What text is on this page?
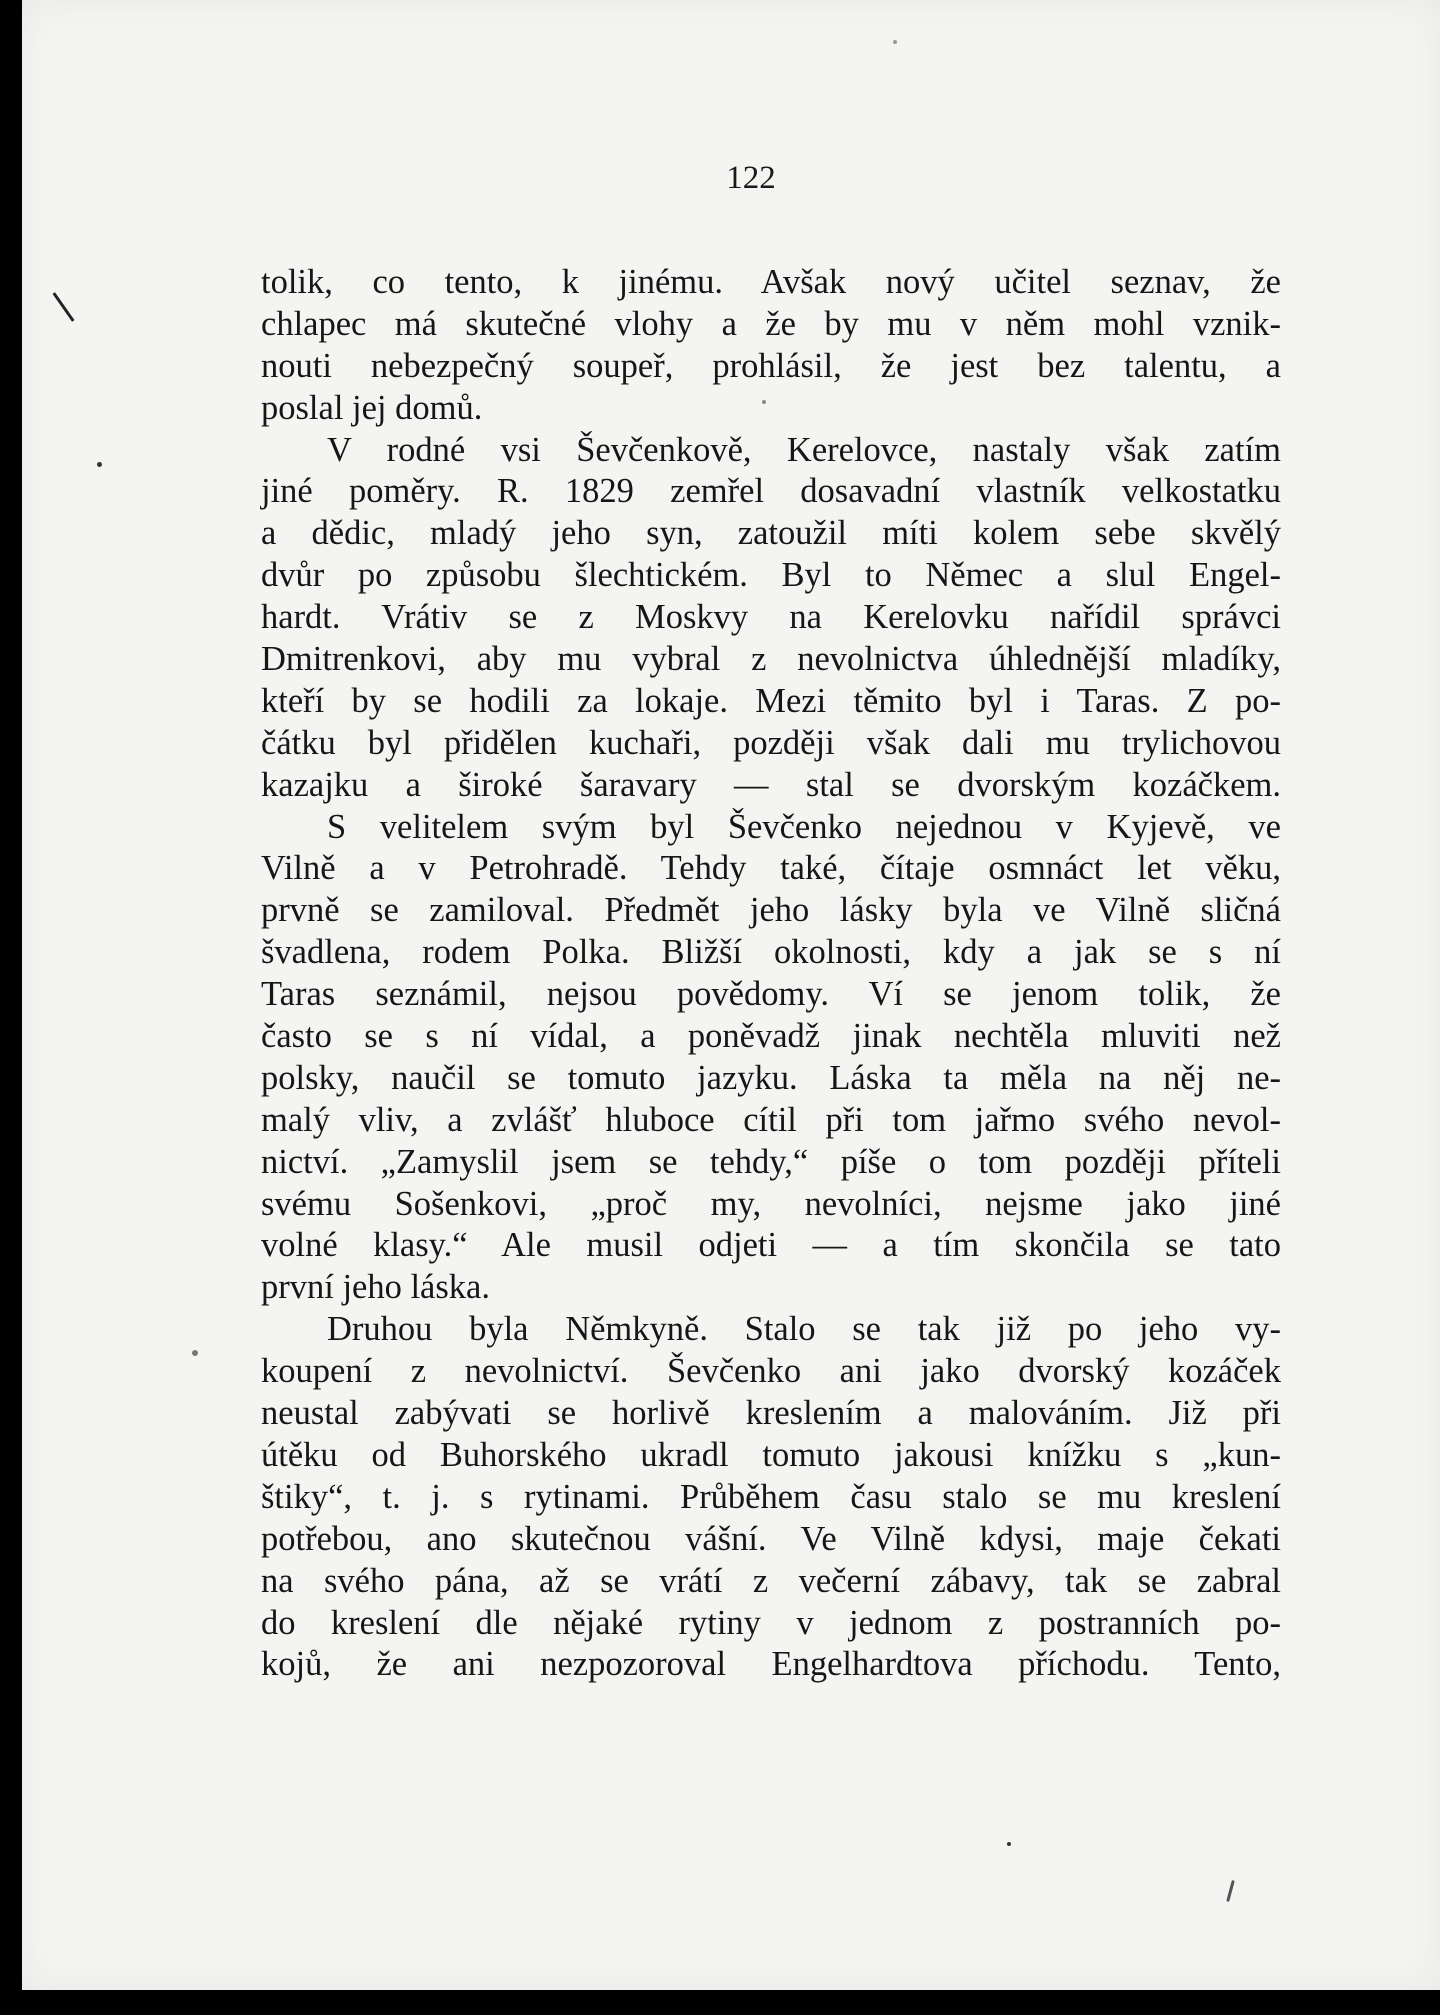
122
tolik, co tento, k jinému. Avšak nový učitel seznav, že
chlapec má skutečné vlohy a že by mu v něm mohl vznik-
nouti nebezpečný soupeř, prohlásil, že jest bez talentu, a
poslal jej domů.
V rodné vsi Ševčenkově, Kerelovce, nastaly však zatím
jiné poměry. R. 1829 zemřel dosavadní vlastník velkostatku
a dědic, mladý jeho syn, zatoužil míti kolem sebe skvělý
dvůr po způsobu šlechtickém. Byl to Němec a slul Engel-
hardt. Vrátiv se z Moskvy na Kerelovku nařídil správci
Dmitrenkovi, aby mu vybral z nevolnictva úhlednější mladíky,
kteří by se hodili za lokaje. Mezi těmito byl i Taras. Z po-
čátku byl přidělen kuchaři, později však dali mu trylichovou
kazajku a široké šaravary — stal se dvorským kozáčkem.
S velitelem svým byl Ševčenko nejednou v Kyjevě, ve
Vilně a v Petrohradě. Tehdy také, čítaje osmnáct let věku,
prvně se zamiloval. Předmět jeho lásky byla ve Vilně sličná
švadlena, rodem Polka. Bližší okolnosti, kdy a jak se s ní
Taras seznámil, nejsou povědomy. Ví se jenom tolik, že
často se s ní vídal, a poněvadž jinak nechtěla mluviti než
polsky, naučil se tomuto jazyku. Láska ta měla na něj ne-
malý vliv, a zvlášť hluboce cítil při tom jařmo svého nevol-
nictví. „Zamyslil jsem se tehdy,“ píše o tom později příteli
svému Sošenkovi, „proč my, nevolníci, nejsme jako jiné
volné klasy.“ Ale musil odjeti — a tím skončila se tato
první jeho láska.
Druhou byla Němkyně. Stalo se tak již po jeho vy-
koupení z nevolnictví. Ševčenko ani jako dvorský kozáček
neustal zabývati se horlivě kreslením a malováním. Již při
útěku od Buhorského ukradl tomuto jakousi knížku s „kun-
štiky“, t. j. s rytinami. Průběhem času stalo se mu kreslení
potřebou, ano skutečnou vášní. Ve Vilně kdysi, maje čekati
na svého pána, až se vrátí z večerní zábavy, tak se zabral
do kreslení dle nějaké rytiny v jednom z postranních po-
kojů, že ani nezpozoroval Engelhardtova příchodu. Tento,
